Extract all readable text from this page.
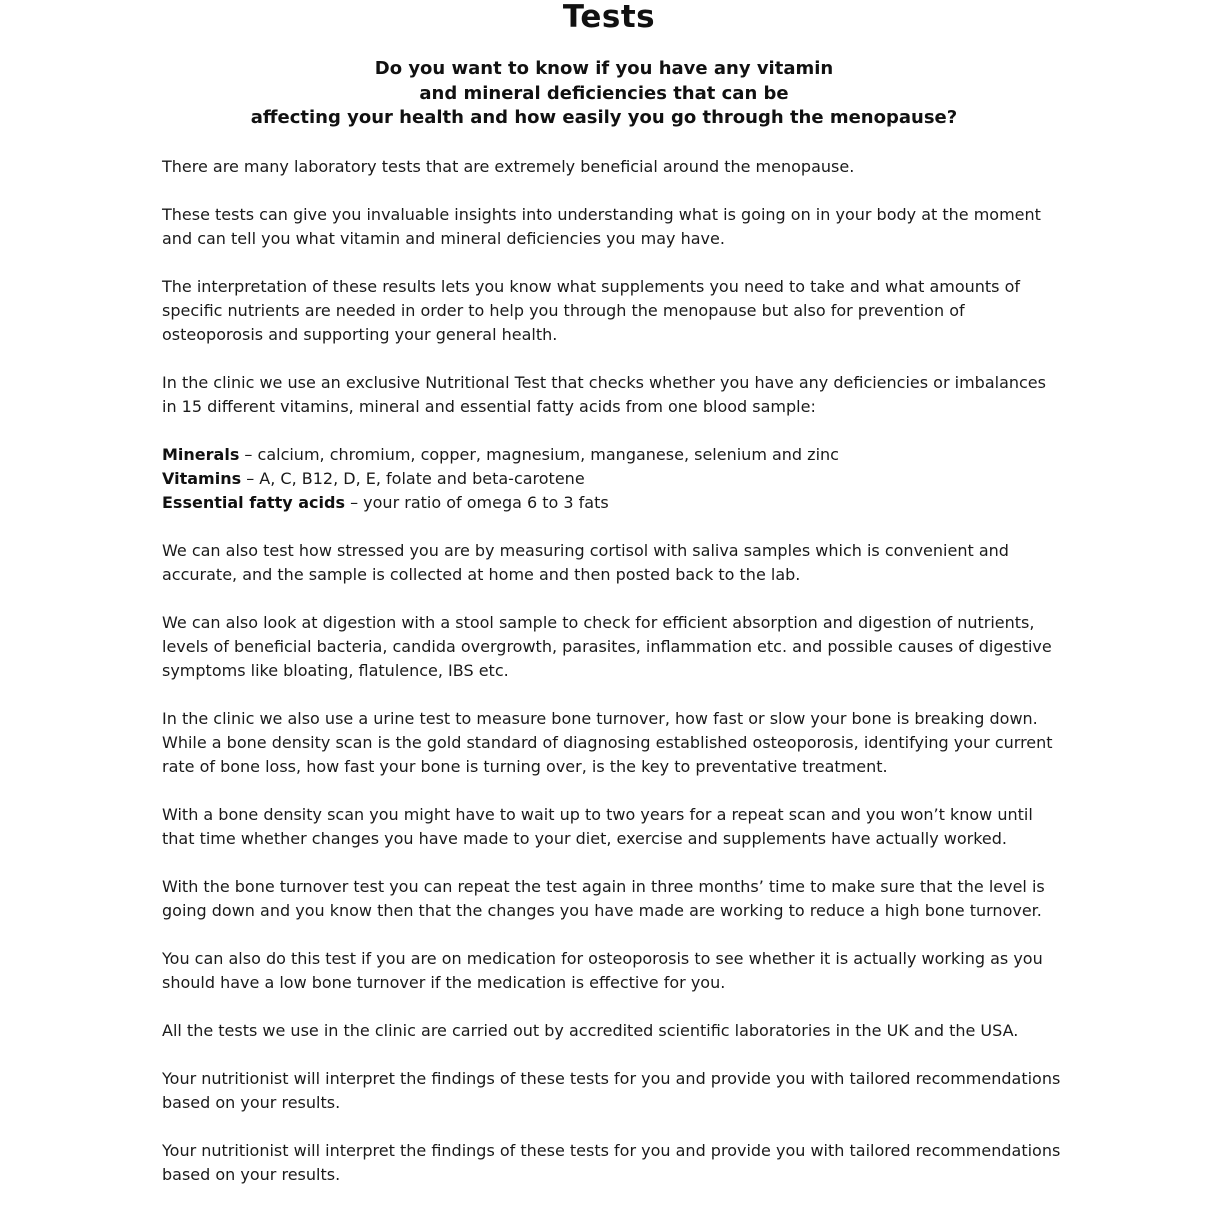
Tests
Do you want to know if you have any vitamin
and mineral deficiencies that can be
affecting your health and how easily you go through the menopause?

There are many laboratory tests that are extremely beneficial around the menopause.

These tests can give you invaluable insights into understanding what is going on in your body at the moment and can tell you what vitamin and mineral deficiencies you may have.

The interpretation of these results lets you know what supplements you need to take and what amounts of specific nutrients are needed in order to help you through the menopause but also for prevention of osteoporosis and supporting your general health.

In the clinic we use an exclusive Nutritional Test that checks whether you have any deficiencies or imbalances in 15 different vitamins, mineral and essential fatty acids from one blood sample:

Minerals – calcium, chromium, copper, magnesium, manganese, selenium and zinc
Vitamins – A, C, B12, D, E, folate and beta-carotene
Essential fatty acids – your ratio of omega 6 to 3 fats

We can also test how stressed you are by measuring cortisol with saliva samples which is convenient and accurate, and the sample is collected at home and then posted back to the lab.

We can also look at digestion with a stool sample to check for efficient absorption and digestion of nutrients, levels of beneficial bacteria, candida overgrowth, parasites, inflammation etc. and possible causes of digestive symptoms like bloating, flatulence, IBS etc.

In the clinic we also use a urine test to measure bone turnover, how fast or slow your bone is breaking down. While a bone density scan is the gold standard of diagnosing established osteoporosis, identifying your current rate of bone loss, how fast your bone is turning over, is the key to preventative treatment.

With a bone density scan you might have to wait up to two years for a repeat scan and you won’t know until that time whether changes you have made to your diet, exercise and supplements have actually worked.

With the bone turnover test you can repeat the test again in three months’ time to make sure that the level is going down and you know then that the changes you have made are working to reduce a high bone turnover.

You can also do this test if you are on medication for osteoporosis to see whether it is actually working as you should have a low bone turnover if the medication is effective for you.

All the tests we use in the clinic are carried out by accredited scientific laboratories in the UK and the USA.

Your nutritionist will interpret the findings of these tests for you and provide you with tailored recommendations based on your results.

Your nutritionist will interpret the findings of these tests for you and provide you with tailored recommendations based on your results.
